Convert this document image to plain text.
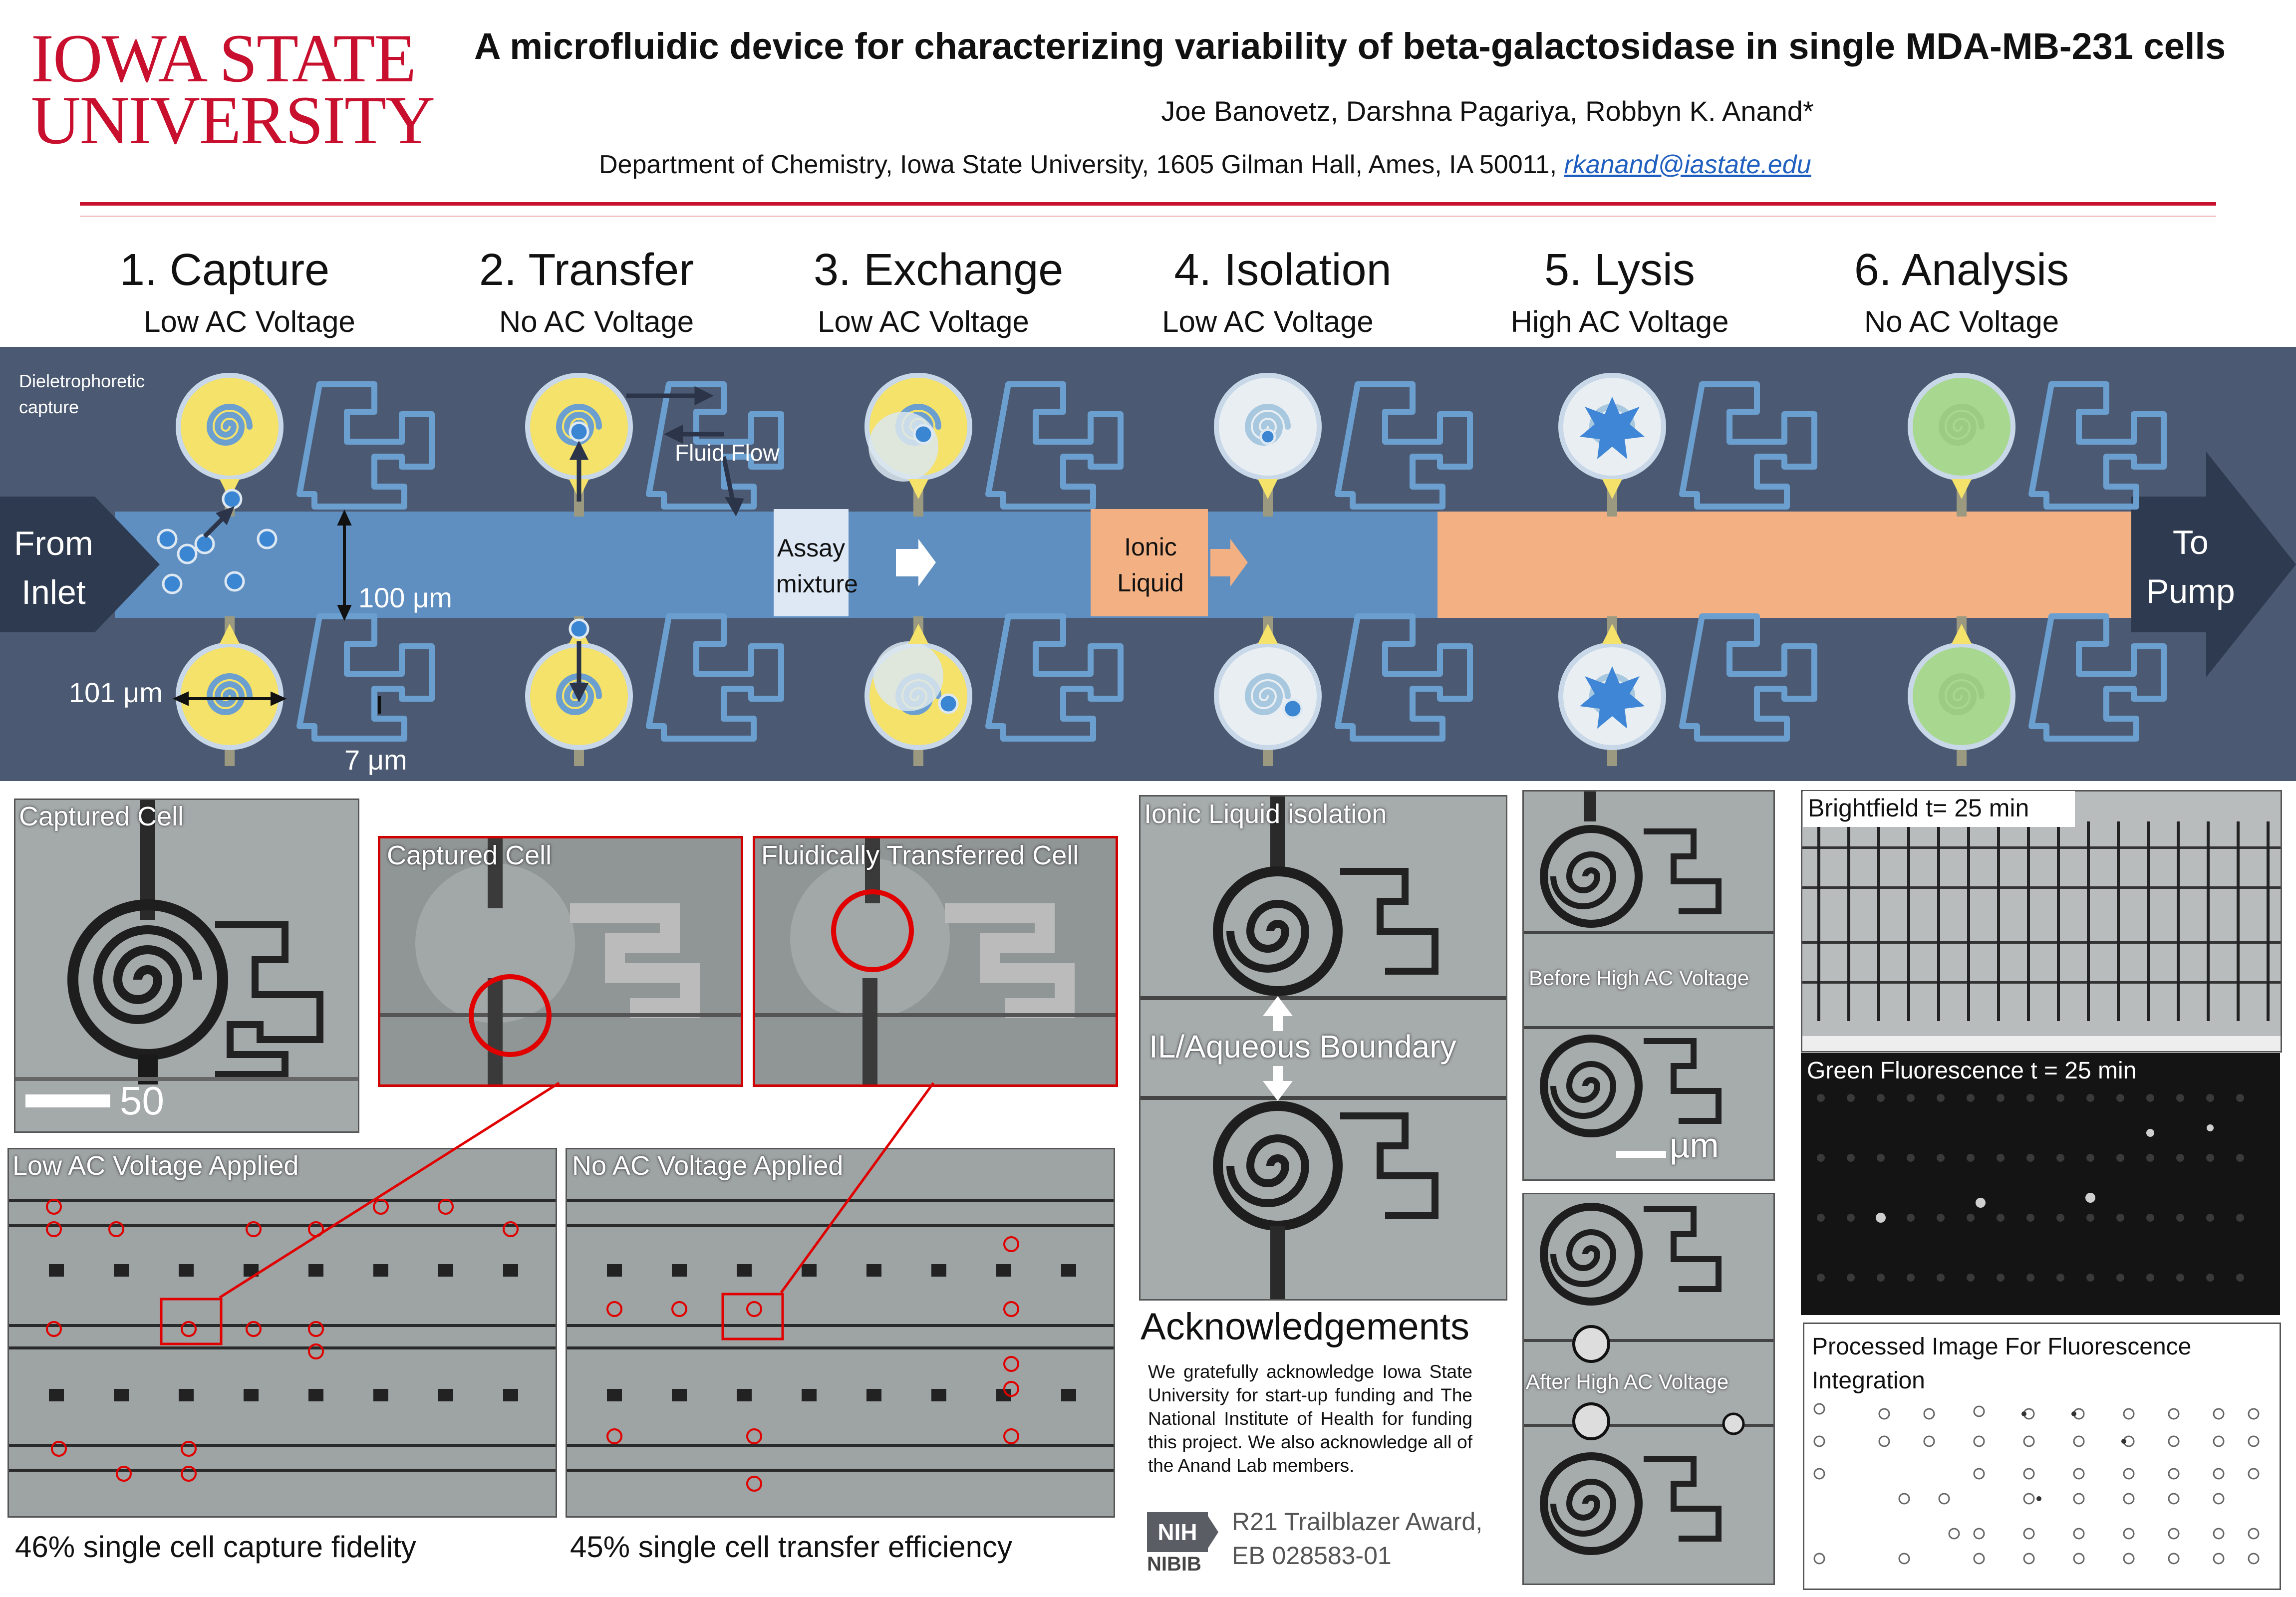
IOWA STATE
UNIVERSITY
A microfluidic device for characterizing variability of beta-galactosidase in single MDA-MB-231 cells
Joe Banovetz, Darshna Pagariya, Robbyn K. Anand*
Department of Chemistry, Iowa State University, 1605 Gilman Hall, Ames, IA 50011, rkanand@iastate.edu
1. Capture
Low AC Voltage
2. Transfer
No AC Voltage
3. Exchange
Low AC Voltage
4. Isolation
Low AC Voltage
5. Lysis
High AC Voltage
6. Analysis
No AC Voltage
From
Inlet
To
Pump
Dieletrophoretic
capture
Fluid Flow
Assay
mixture
Ionic
Liquid
100 μm
101 μm
7 μm
Captured Cell
50
Captured Cell	Fluidically Transferred Cell
Low AC Voltage Applied	No AC Voltage Applied
46% single cell capture fidelity	45% single cell transfer efficiency
Ionic Liquid isolation
IL/Aqueous Boundary
Before High AC Voltage
µm
After High AC Voltage
Brightfield t= 25 min
Green Fluorescence t = 25 min
Processed Image For Fluorescence Integration
Acknowledgements
We gratefully acknowledge Iowa State University for start-up funding and The National Institute of Health for funding this project. We also acknowledge all of the Anand Lab members.
NIH
NIBIB
R21 Trailblazer Award,
EB 028583-01
